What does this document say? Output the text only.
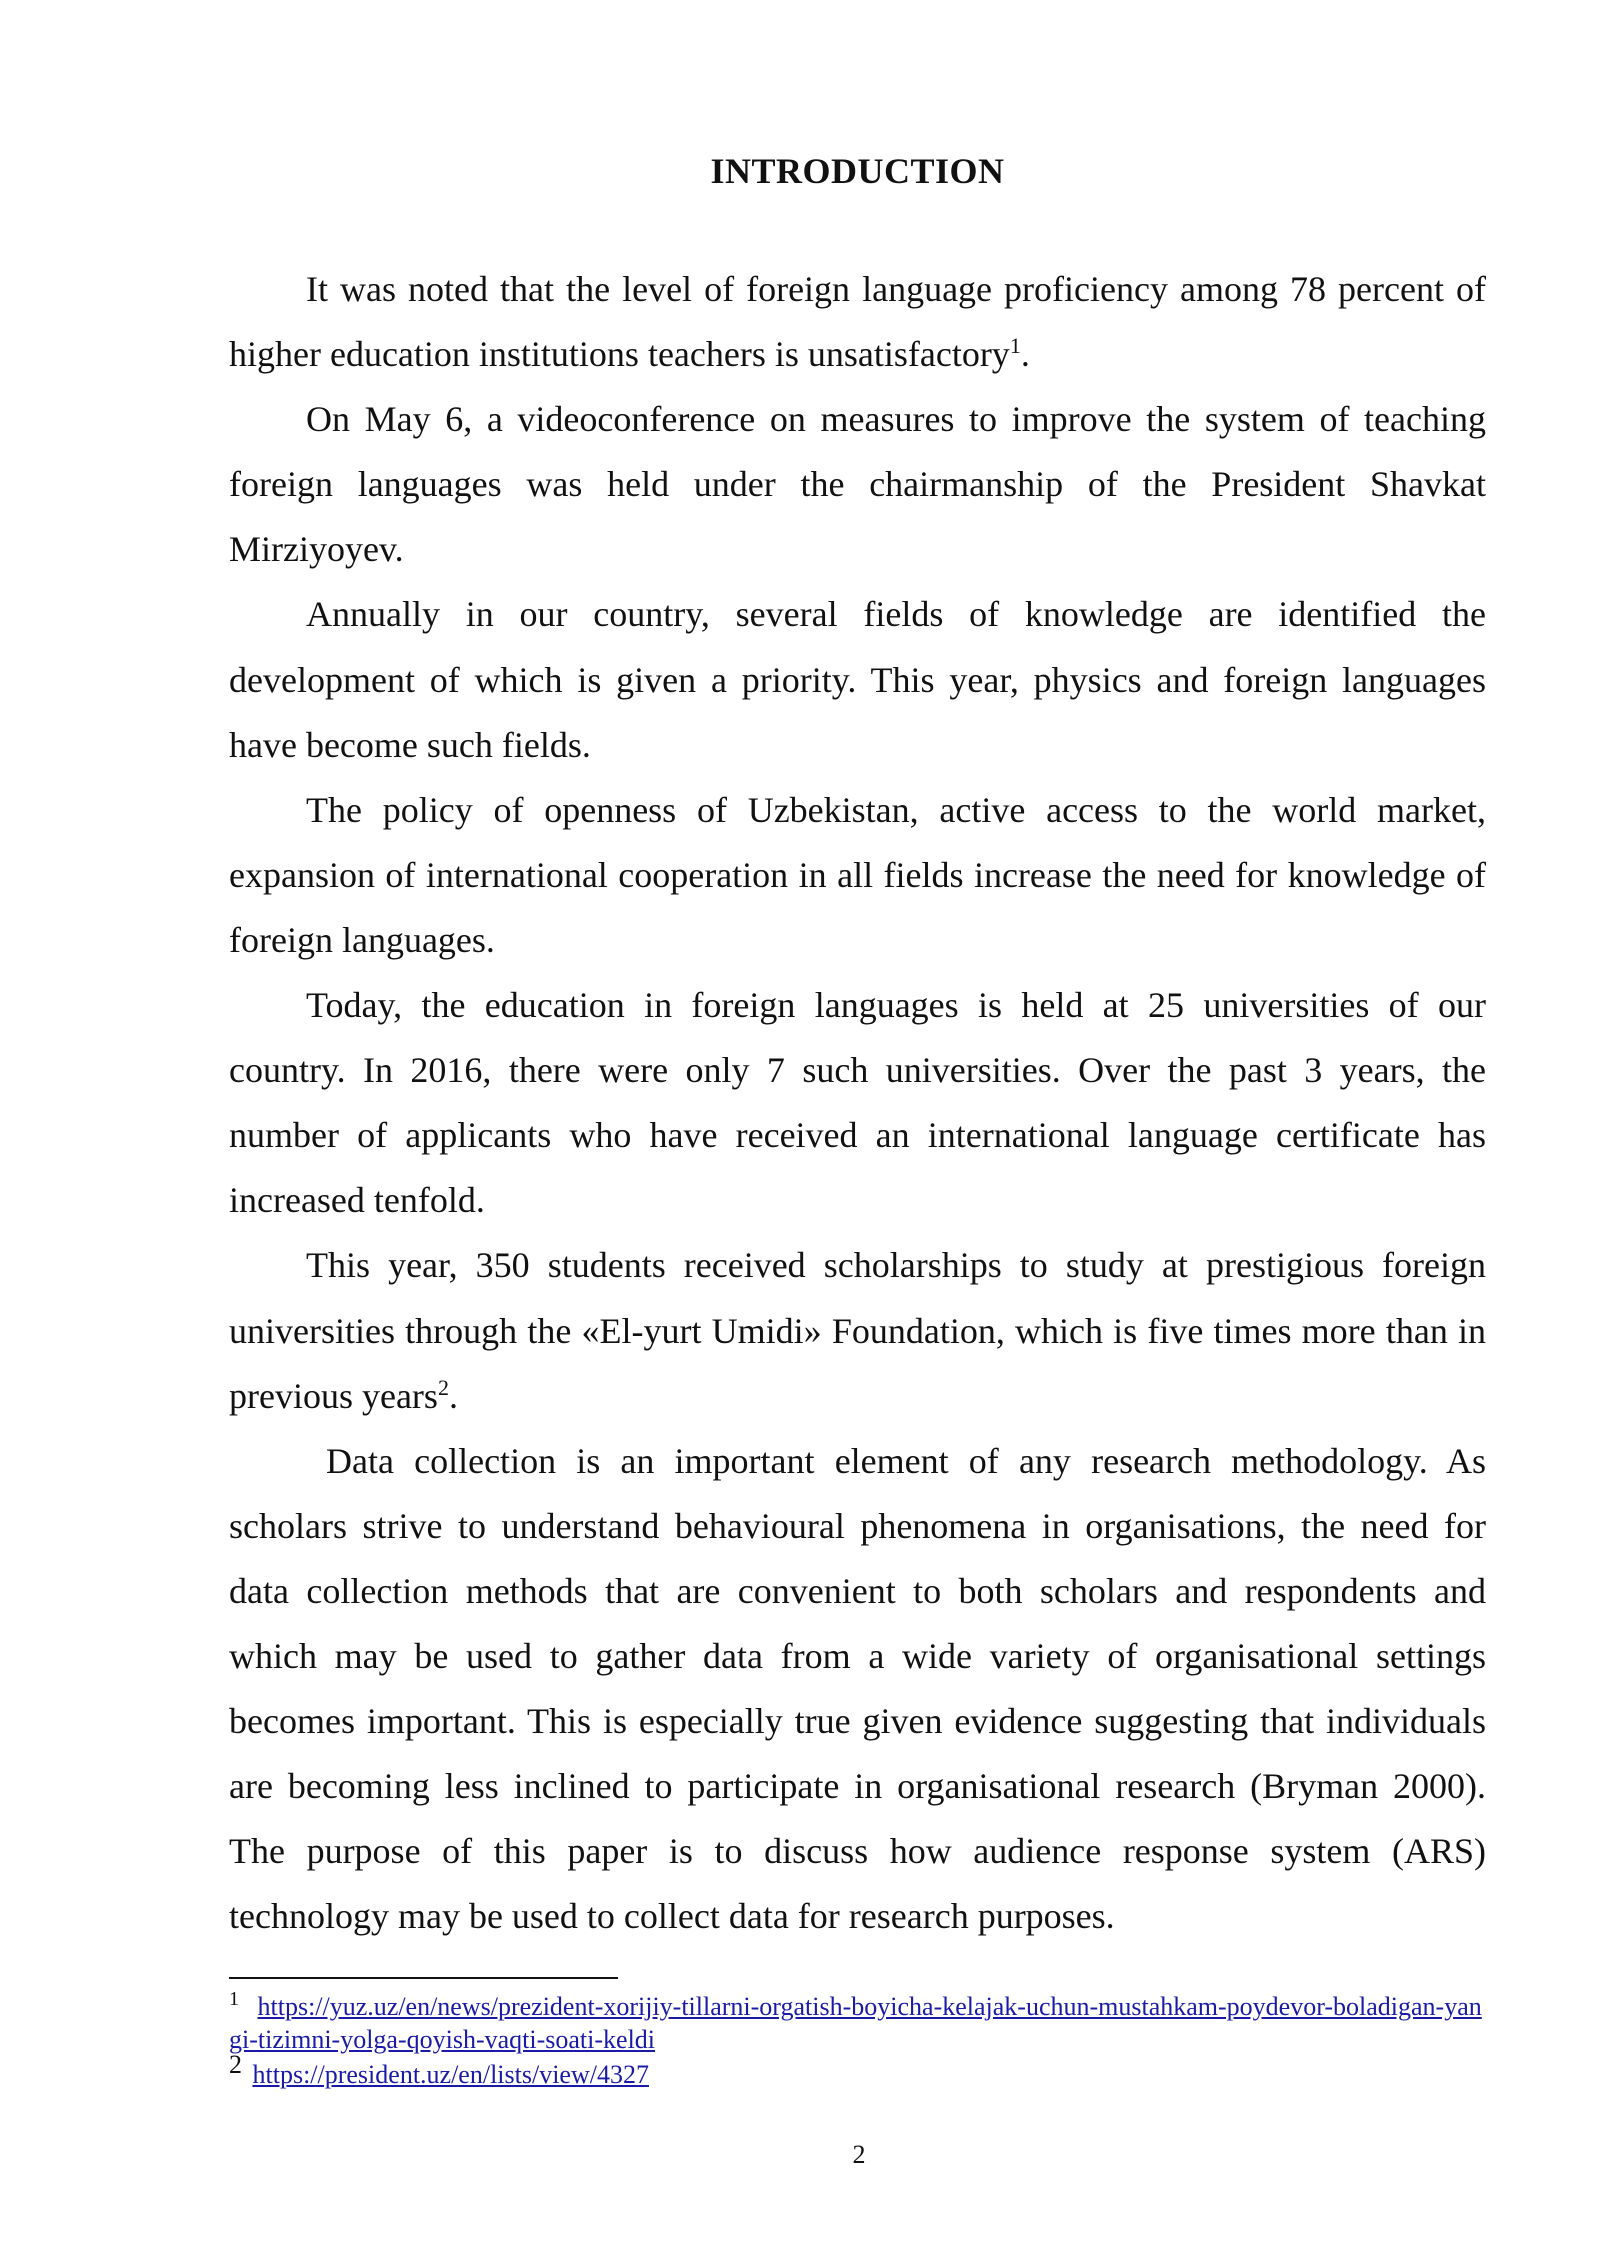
INTRODUCTION

It was noted that the level of foreign language proficiency among 78 percent of higher education institutions teachers is unsatisfactory$^1$.

On May 6, a videoconference on measures to improve the system of teaching foreign languages was held under the chairmanship of the President Shavkat Mirziyoyev.

Annually in our country, several fields of knowledge are identified the development of which is given a priority. This year, physics and foreign languages have become such fields.

The policy of openness of Uzbekistan, active access to the world market, expansion of international cooperation in all fields increase the need for knowledge of foreign languages.

Today, the education in foreign languages is held at 25 universities of our country. In 2016, there were only 7 such universities. Over the past 3 years, the number of applicants who have received an international language certificate has increased tenfold.

This year, 350 students received scholarships to study at prestigious foreign universities through the «El-yurt Umidi» Foundation, which is five times more than in previous years$^2$.

Data collection is an important element of any research methodology. As scholars strive to understand behavioural phenomena in organisations, the need for data collection methods that are convenient to both scholars and respondents and which may be used to gather data from a wide variety of organisational settings becomes important. This is especially true given evidence suggesting that individuals are becoming less inclined to participate in organisational research (Bryman 2000). The purpose of this paper is to discuss how audience response system (ARS) technology may be used to collect data for research purposes.

$^1$ https://yuz.uz/en/news/prezident-xorijiy-tillarni-orgatish-boyicha-kelajak-uchun-mustahkam-poydevor-boladigan-yangi-tizimni-yolga-qoyish-vaqti-soati-keldi
2 https://president.uz/en/lists/view/4327
2
